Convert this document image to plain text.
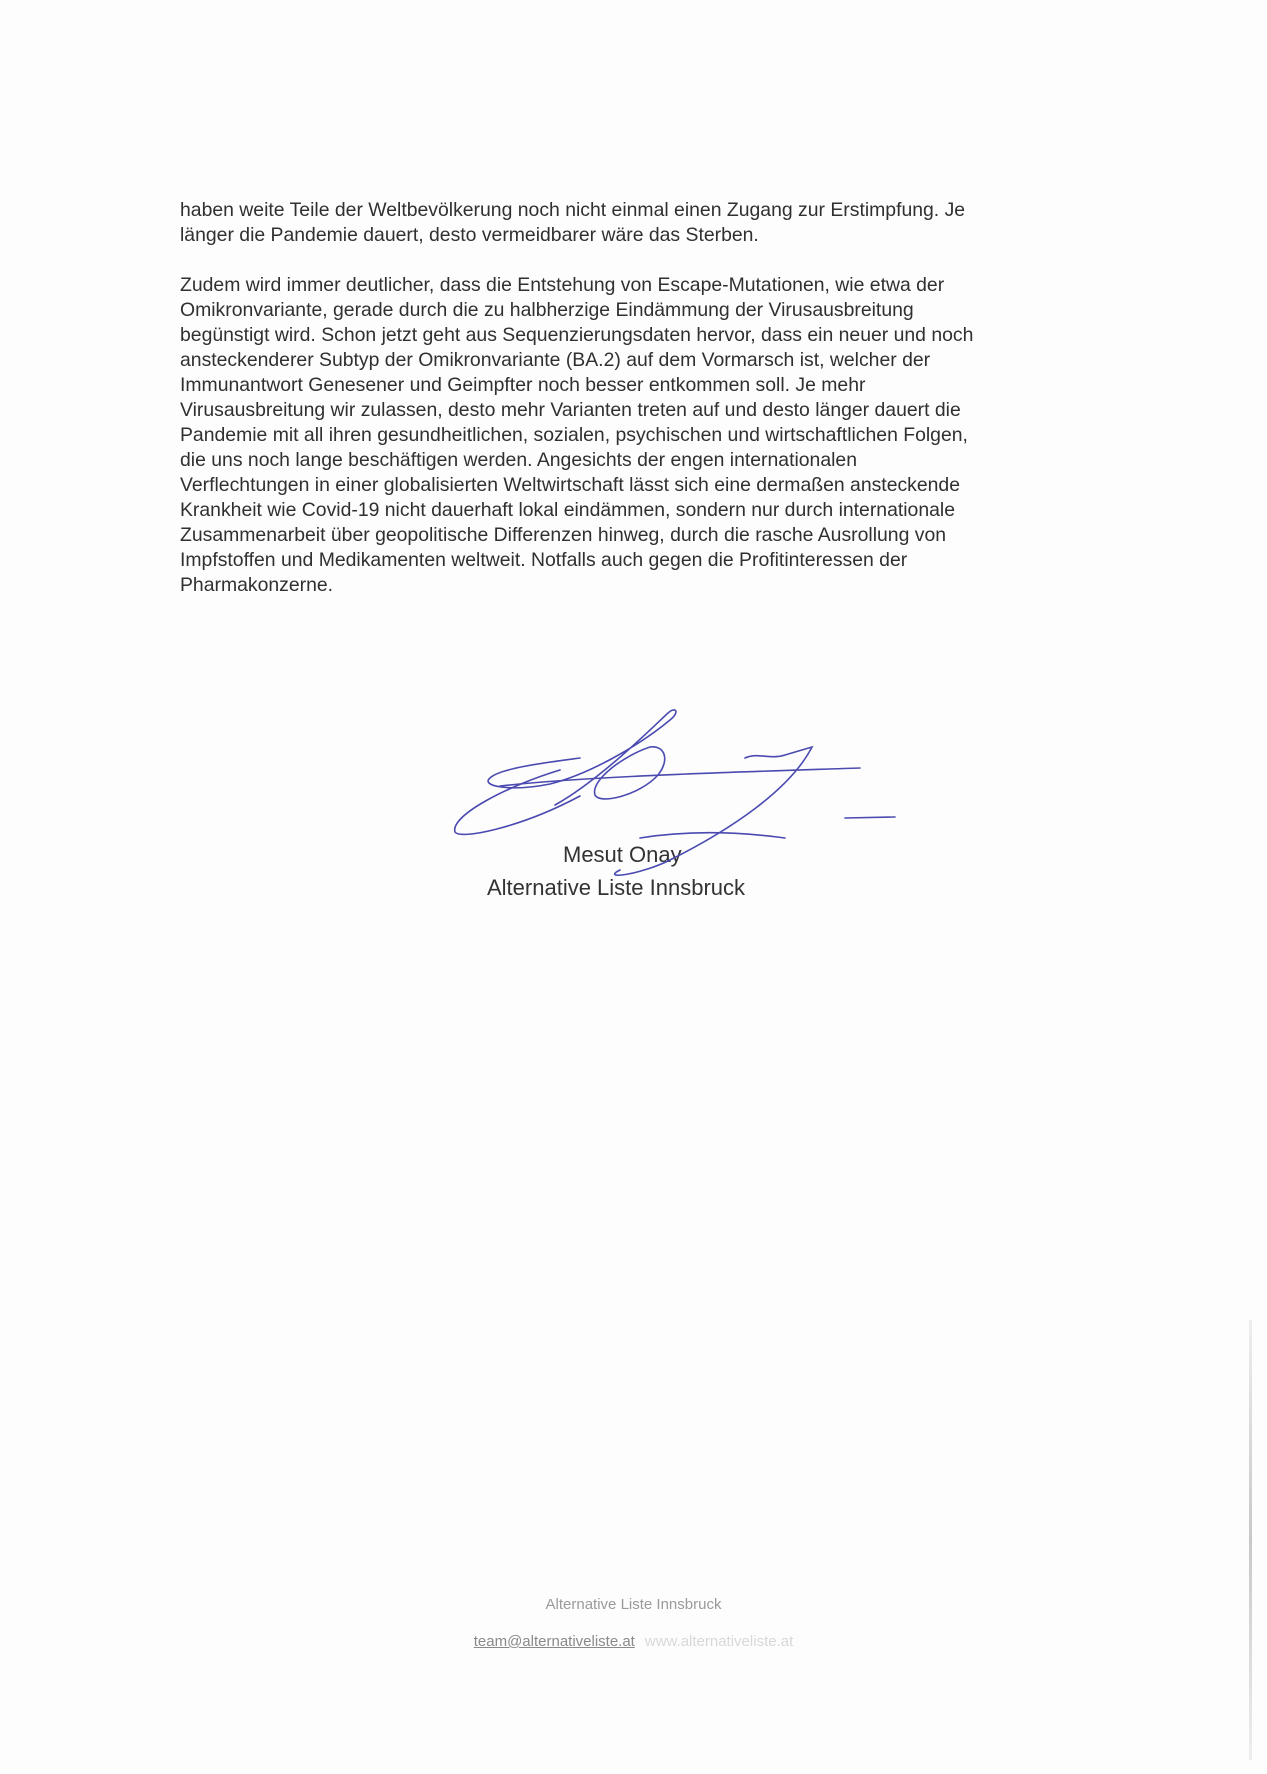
haben weite Teile der Weltbevölkerung noch nicht einmal einen Zugang zur Erstimpfung. Je
länger die Pandemie dauert, desto vermeidbarer wäre das Sterben.
Zudem wird immer deutlicher, dass die Entstehung von Escape-Mutationen, wie etwa der
Omikronvariante, gerade durch die zu halbherzige Eindämmung der Virusausbreitung
begünstigt wird. Schon jetzt geht aus Sequenzierungsdaten hervor, dass ein neuer und noch
ansteckenderer Subtyp der Omikronvariante (BA.2) auf dem Vormarsch ist, welcher der
Immunantwort Genesener und Geimpfter noch besser entkommen soll. Je mehr
Virusausbreitung wir zulassen, desto mehr Varianten treten auf und desto länger dauert die
Pandemie mit all ihren gesundheitlichen, sozialen, psychischen und wirtschaftlichen Folgen,
die uns noch lange beschäftigen werden. Angesichts der engen internationalen
Verflechtungen in einer globalisierten Weltwirtschaft lässt sich eine dermaßen ansteckende
Krankheit wie Covid-19 nicht dauerhaft lokal eindämmen, sondern nur durch internationale
Zusammenarbeit über geopolitische Differenzen hinweg, durch die rasche Ausrollung von
Impfstoffen und Medikamenten weltweit. Notfalls auch gegen die Profitinteressen der
Pharmakonzerne.
Mesut Onay
Alternative Liste Innsbruck
Alternative Liste Innsbruck
team@alternativeliste.at www.alternativeliste.at
